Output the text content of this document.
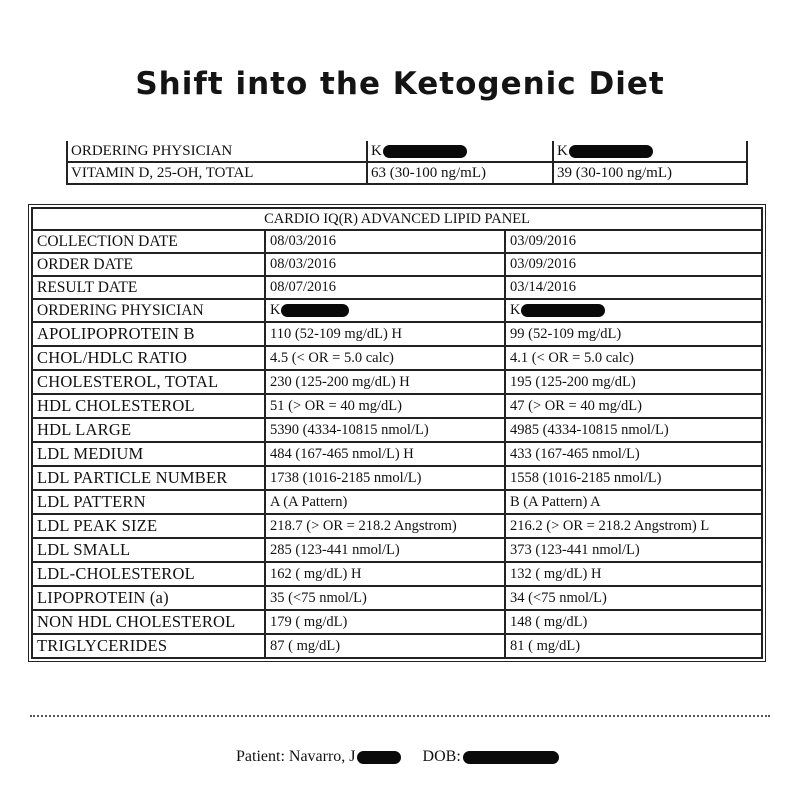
Shift into the Ketogenic Diet
ORDERING PHYSICIAN	K	K
VITAMIN D, 25-OH, TOTAL	63 (30-100 ng/mL)	39 (30-100 ng/mL)
CARDIO IQ(R) ADVANCED LIPID PANEL		
COLLECTION DATE	08/03/2016	03/09/2016
ORDER DATE	08/03/2016	03/09/2016
RESULT DATE	08/07/2016	03/14/2016
ORDERING PHYSICIAN	K	K
APOLIPOPROTEIN B	110 (52-109 mg/dL) H	99 (52-109 mg/dL)
CHOL/HDLC RATIO	4.5 (< OR = 5.0 calc)	4.1 (< OR = 5.0 calc)
CHOLESTEROL, TOTAL	230 (125-200 mg/dL) H	195 (125-200 mg/dL)
HDL CHOLESTEROL	51 (> OR = 40 mg/dL)	47 (> OR = 40 mg/dL)
HDL LARGE	5390 (4334-10815 nmol/L)	4985 (4334-10815 nmol/L)
LDL MEDIUM	484 (167-465 nmol/L) H	433 (167-465 nmol/L)
LDL PARTICLE NUMBER	1738 (1016-2185 nmol/L)	1558 (1016-2185 nmol/L)
LDL PATTERN	A (A Pattern)	B (A Pattern) A
LDL PEAK SIZE	218.7 (> OR = 218.2 Angstrom)	216.2 (> OR = 218.2 Angstrom) L
LDL SMALL	285 (123-441 nmol/L)	373 (123-441 nmol/L)
LDL-CHOLESTEROL	162 ( mg/dL) H	132 ( mg/dL) H
LIPOPROTEIN (a)	35 (<75 nmol/L)	34 (<75 nmol/L)
NON HDL CHOLESTEROL	179 ( mg/dL)	148 ( mg/dL)
TRIGLYCERIDES	87 ( mg/dL)	81 ( mg/dL)
Patient: Navarro, J	DOB:
